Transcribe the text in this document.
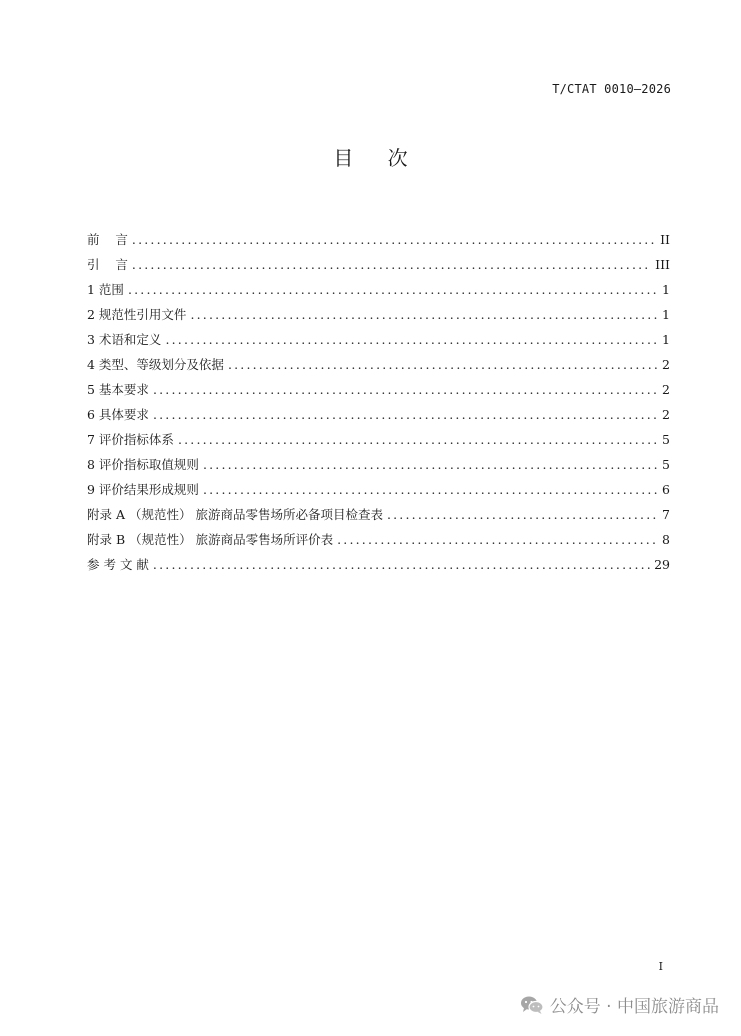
T/CTAT 0010—2026
目 次
前    言 .....	II
引    言 .....	III
1 范围 .....	1
2 规范性引用文件 .....	1
3 术语和定义 .....	1
4 类型、等级划分及依据 .....	2
5 基本要求 .....	2
6 具体要求 .....	2
7 评价指标体系 .....	5
8 评价指标取值规则 .....	5
9 评价结果形成规则 .....	6
附录 A （规范性） 旅游商品零售场所必备项目检查表 .....	7
附录 B （规范性） 旅游商品零售场所评价表 .....	8
参 考 文 献 .....	29
I
公众号 · 中国旅游商品
